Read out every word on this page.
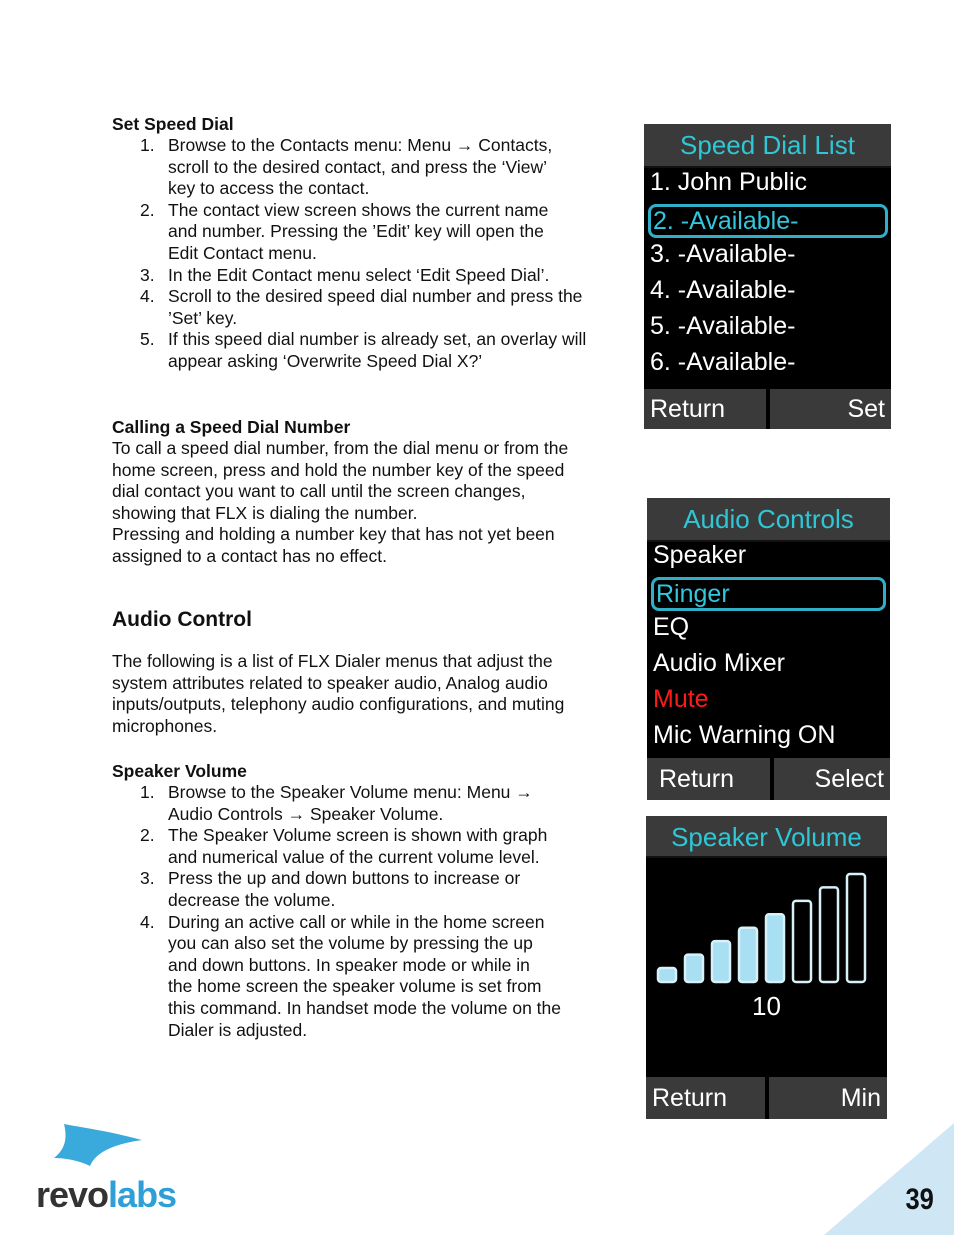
Set Speed Dial
1. Browse to the Contacts menu: Menu → Contacts,
scroll to the desired contact, and press the ‘View’
key to access the contact.
2. The contact view screen shows the current name
and number. Pressing the ’Edit’ key will open the
Edit Contact menu.
3. In the Edit Contact menu select ‘Edit Speed Dial’.
4. Scroll to the desired speed dial number and press the
’Set’ key.
5. If this speed dial number is already set, an overlay will
appear asking ‘Overwrite Speed Dial X?’
Calling a Speed Dial Number
To call a speed dial number, from the dial menu or from the
home screen, press and hold the number key of the speed
dial contact you want to call until the screen changes,
showing that FLX is dialing the number.
Pressing and holding a number key that has not yet been
assigned to a contact has no effect.
Audio Control
The following is a list of FLX Dialer menus that adjust the
system attributes related to speaker audio, Analog audio
inputs/outputs, telephony audio configurations, and muting
microphones.
Speaker Volume
1. Browse to the Speaker Volume menu: Menu →
Audio Controls → Speaker Volume.
2. The Speaker Volume screen is shown with graph
and numerical value of the current volume level.
3. Press the up and down buttons to increase or
decrease the volume.
4. During an active call or while in the home screen
you can also set the volume by pressing the up
and down buttons. In speaker mode or while in
the home screen the speaker volume is set from
this command. In handset mode the volume on the
Dialer is adjusted.
Speed Dial List
1. John Public
2. -Available-
3. -Available-
4. -Available-
5. -Available-
6. -Available-
Return	Set
Audio Controls
Speaker
Ringer
EQ
Audio Mixer
Mute
Mic Warning ON
Return	Select
Speaker Volume
10
Return	Min
revolabs	39
